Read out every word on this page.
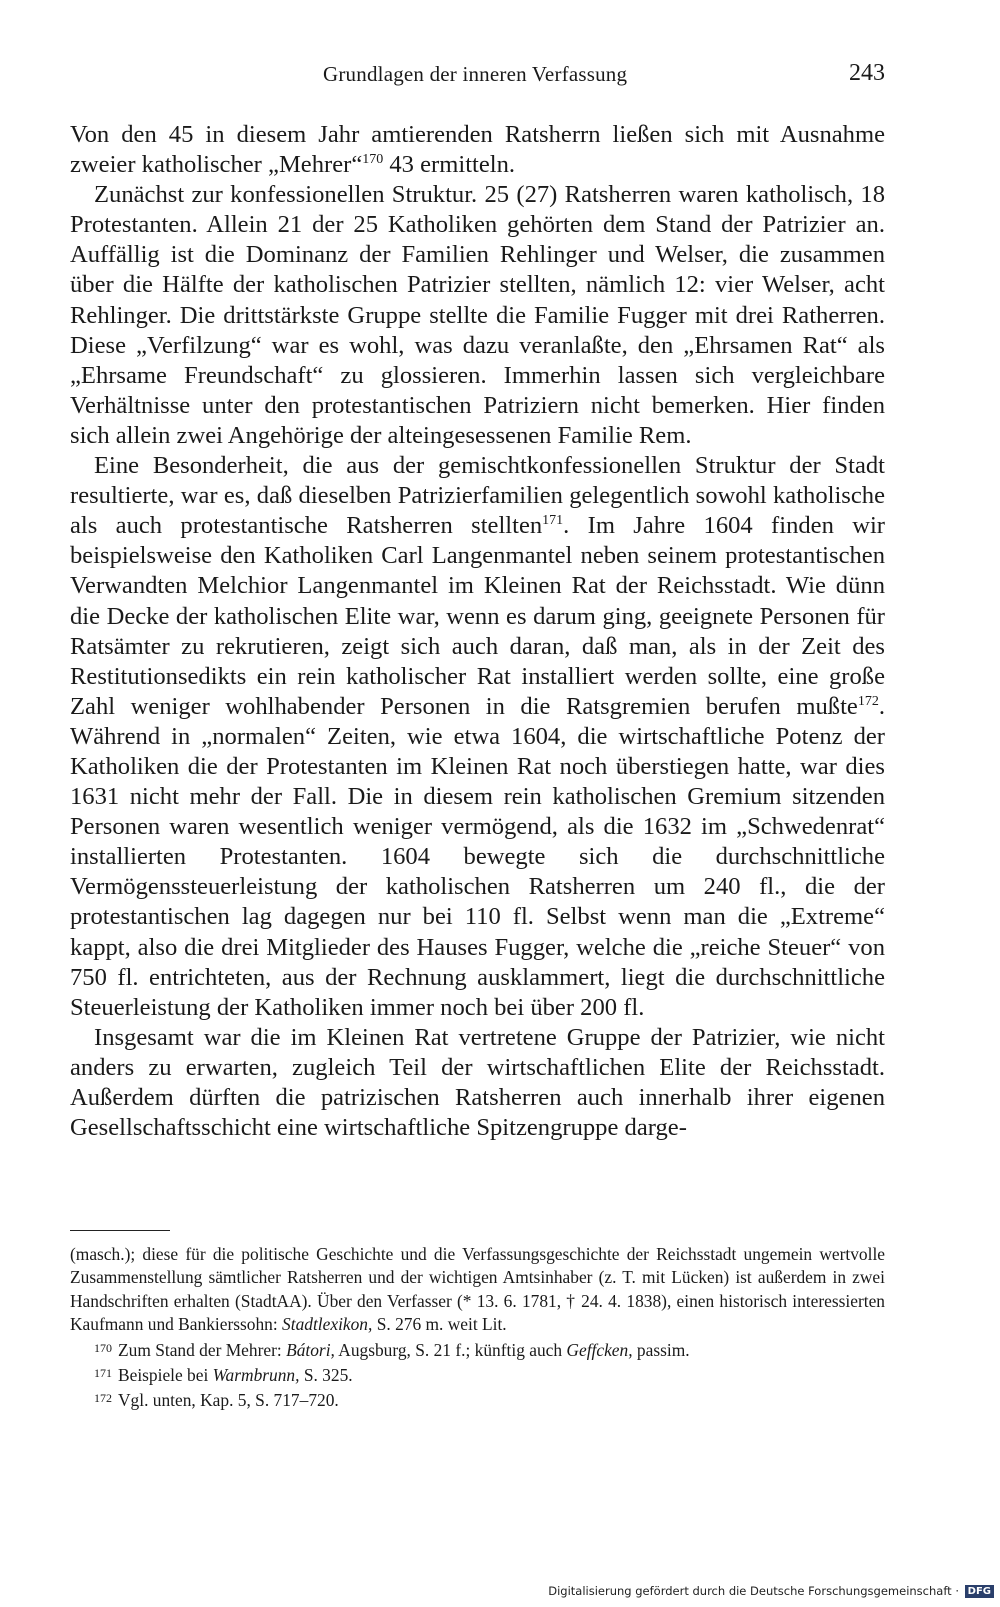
Grundlagen der inneren Verfassung	243

Von den 45 in diesem Jahr amtierenden Ratsherrn ließen sich mit Ausnahme zweier katholischer „Mehrer“$^{170}$ 43 ermitteln.

Zunächst zur konfessionellen Struktur. 25 (27) Ratsherren waren katholisch, 18 Protestanten. Allein 21 der 25 Katholiken gehörten dem Stand der Patrizier an. Auffällig ist die Dominanz der Familien Rehlinger und Welser, die zusammen über die Hälfte der katholischen Patrizier stellten, nämlich 12: vier Welser, acht Rehlinger. Die drittstärkste Gruppe stellte die Familie Fugger mit drei Ratherren. Diese „Verfilzung“ war es wohl, was dazu veranlaßte, den „Ehrsamen Rat“ als „Ehrsame Freundschaft“ zu glossieren. Immerhin lassen sich vergleichbare Verhältnisse unter den protestantischen Patriziern nicht bemerken. Hier finden sich allein zwei Angehörige der alteingesessenen Familie Rem.

Eine Besonderheit, die aus der gemischtkonfessionellen Struktur der Stadt resultierte, war es, daß dieselben Patrizierfamilien gelegentlich sowohl katholische als auch protestantische Ratsherren stellten$^{171}$. Im Jahre 1604 finden wir beispielsweise den Katholiken Carl Langenmantel neben seinem protestantischen Verwandten Melchior Langenmantel im Kleinen Rat der Reichsstadt. Wie dünn die Decke der katholischen Elite war, wenn es darum ging, geeignete Personen für Ratsämter zu rekrutieren, zeigt sich auch daran, daß man, als in der Zeit des Restitutionsedikts ein rein katholischer Rat installiert werden sollte, eine große Zahl weniger wohlhabender Personen in die Ratsgremien berufen mußte$^{172}$. Während in „normalen“ Zeiten, wie etwa 1604, die wirtschaftliche Potenz der Katholiken die der Protestanten im Kleinen Rat noch überstiegen hatte, war dies 1631 nicht mehr der Fall. Die in diesem rein katholischen Gremium sitzenden Personen waren wesentlich weniger vermögend, als die 1632 im „Schwedenrat“ installierten Protestanten. 1604 bewegte sich die durchschnittliche Vermögenssteuerleistung der katholischen Ratsherren um 240 fl., die der protestantischen lag dagegen nur bei 110 fl. Selbst wenn man die „Extreme“ kappt, also die drei Mitglieder des Hauses Fugger, welche die „reiche Steuer“ von 750 fl. entrichteten, aus der Rechnung ausklammert, liegt die durchschnittliche Steuerleistung der Katholiken immer noch bei über 200 fl.

Insgesamt war die im Kleinen Rat vertretene Gruppe der Patrizier, wie nicht anders zu erwarten, zugleich Teil der wirtschaftlichen Elite der Reichsstadt. Außerdem dürften die patrizischen Ratsherren auch innerhalb ihrer eigenen Gesellschaftsschicht eine wirtschaftliche Spitzengruppe darge-

(masch.); diese für die politische Geschichte und die Verfassungsgeschichte der Reichsstadt ungemein wertvolle Zusammenstellung sämtlicher Ratsherren und der wichtigen Amtsinhaber (z. T. mit Lücken) ist außerdem in zwei Handschriften erhalten (StadtAA). Über den Verfasser (* 13. 6. 1781, † 24. 4. 1838), einen historisch interessierten Kaufmann und Bankierssohn: Stadtlexikon, S. 276 m. weit Lit.

170 Zum Stand der Mehrer: Bátori, Augsburg, S. 21 f.; künftig auch Geffcken, passim.

171 Beispiele bei Warmbrunn, S. 325.

172 Vgl. unten, Kap. 5, S. 717–720.

Digitalisierung gefördert durch die Deutsche Forschungsgemeinschaft · DFG
